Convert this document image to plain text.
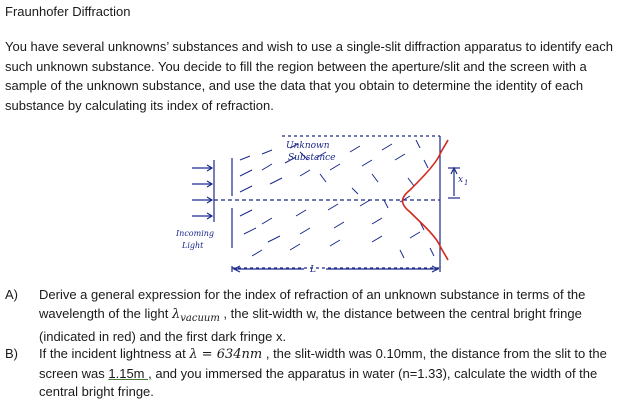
Fraunhofer Diffraction
You have several unknowns’ substances and wish to use a single-slit diffraction apparatus to identify each such unknown substance. You decide to fill the region between the aperture/slit and the screen with a sample of the unknown substance, and use the data that you obtain to determine the identity of each substance by calculating its index of refraction.
Unknown
Substance
Incoming
Light
x 1
L
A)	Derive a general expression for the index of refraction of an unknown substance in terms of the wavelength of the light $\lambda_{vacuum}$ , the slit-width w, the distance between the central bright fringe (indicated in red) and the first dark fringe x.
B)	If the incident lightness at λ = 634nm , the slit-width was 0.10mm, the distance from the slit to the screen was 1.15m , and you immersed the apparatus in water (n=1.33), calculate the width of the central bright fringe.
